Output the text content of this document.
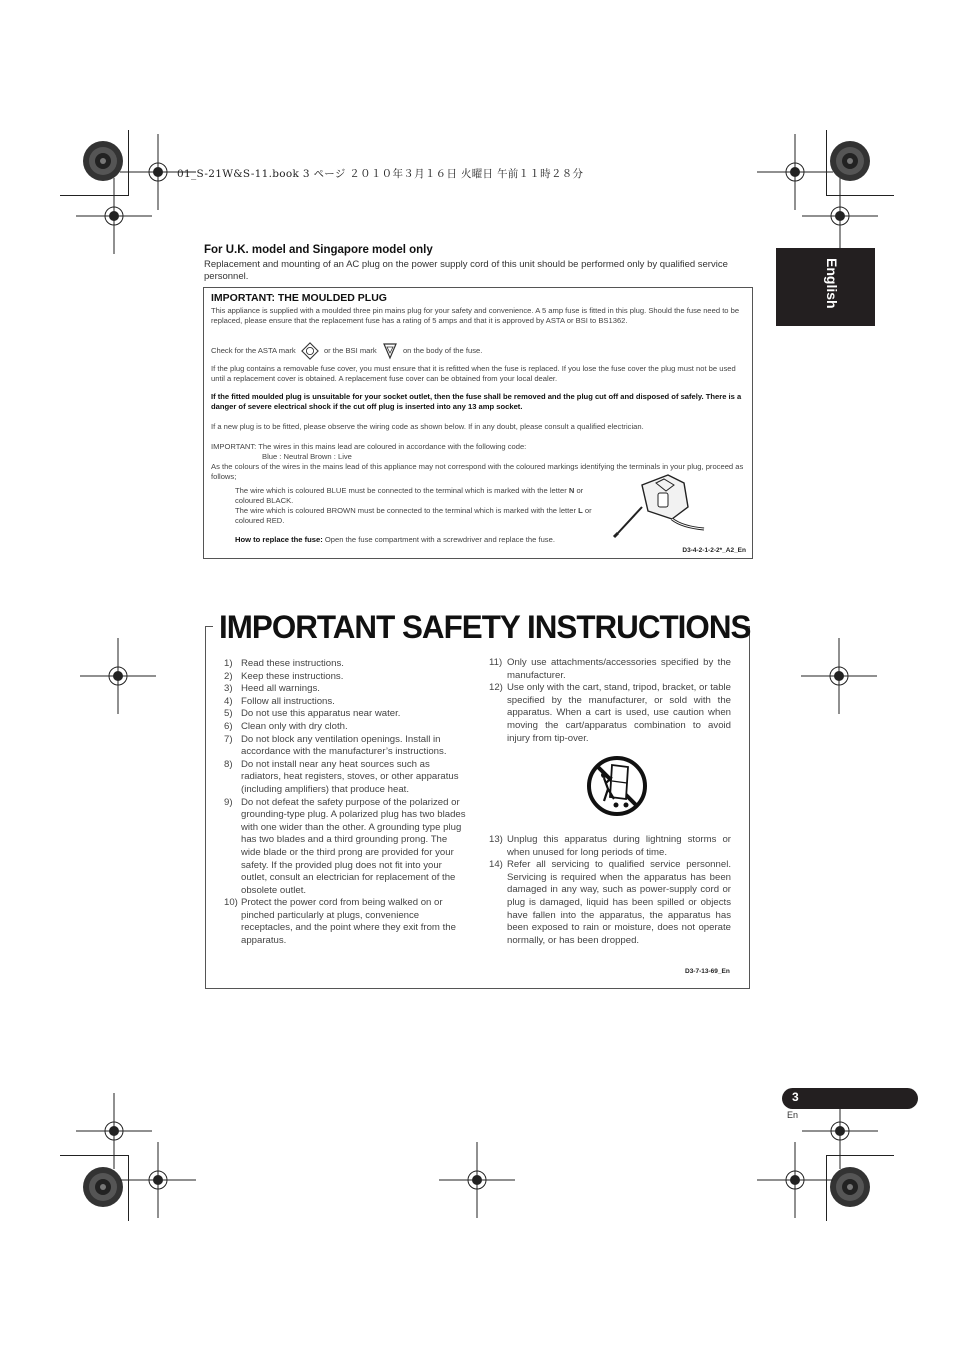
01_S-21W&S-11.book 3 ページ ２０１０年３月１６日 火曜日 午前１１時２８分
English
For U.K. model and Singapore model only
Replacement and mounting of an AC plug on the power supply cord of this unit should be performed only by qualified service personnel.
IMPORTANT: THE MOULDED PLUG
This appliance is supplied with a moulded three pin mains plug for your safety and convenience. A 5 amp fuse is fitted in this plug. Should the fuse need to be replaced, please ensure that the replacement fuse has a rating of 5 amps and that it is approved by ASTA or BSI to BS1362.
Check for the ASTA mark	or the BSI mark	on the body of the fuse.
If the plug contains a removable fuse cover, you must ensure that it is refitted when the fuse is replaced. If you lose the fuse cover the plug must not be used until a replacement cover is obtained. A replacement fuse cover can be obtained from your local dealer.
If the fitted moulded plug is unsuitable for your socket outlet, then the fuse shall be removed and the plug cut off and disposed of safely. There is a danger of severe electrical shock if the cut off plug is inserted into any 13 amp socket.
If a new plug is to be fitted, please observe the wiring code as shown below. If in any doubt, please consult a qualified electrician.
IMPORTANT: The wires in this mains lead are coloured in accordance with the following code:
Blue : Neutral Brown : Live
As the colours of the wires in the mains lead of this appliance may not correspond with the coloured markings identifying the terminals in your plug, proceed as follows;
The wire which is coloured BLUE must be connected to the terminal which is marked with the letter N or coloured BLACK.
The wire which is coloured BROWN must be connected to the terminal which is marked with the letter L or coloured RED.
How to replace the fuse: Open the fuse compartment with a screwdriver and replace the fuse.
D3-4-2-1-2-2*_A2_En
IMPORTANT SAFETY INSTRUCTIONS
1) Read these instructions.
2) Keep these instructions.
3) Heed all warnings.
4) Follow all instructions.
5) Do not use this apparatus near water.
6) Clean only with dry cloth.
7) Do not block any ventilation openings. Install in accordance with the manufacturer’s instructions.
8) Do not install near any heat sources such as radiators, heat registers, stoves, or other apparatus (including amplifiers) that produce heat.
9) Do not defeat the safety purpose of the polarized or grounding-type plug. A polarized plug has two blades with one wider than the other. A grounding type plug has two blades and a third grounding prong. The wide blade or the third prong are provided for your safety. If the provided plug does not fit into your outlet, consult an electrician for replacement of the obsolete outlet.
10) Protect the power cord from being walked on or pinched particularly at plugs, convenience receptacles, and the point where they exit from the apparatus.
11) Only use attachments/accessories specified by the manufacturer.
12) Use only with the cart, stand, tripod, bracket, or table specified by the manufacturer, or sold with the apparatus. When a cart is used, use caution when moving the cart/apparatus combination to avoid injury from tip-over.
13) Unplug this apparatus during lightning storms or when unused for long periods of time.
14) Refer all servicing to qualified service personnel. Servicing is required when the apparatus has been damaged in any way, such as power-supply cord or plug is damaged, liquid has been spilled or objects have fallen into the apparatus, the apparatus has been exposed to rain or moisture, does not operate normally, or has been dropped.
D3-7-13-69_En
3
En
